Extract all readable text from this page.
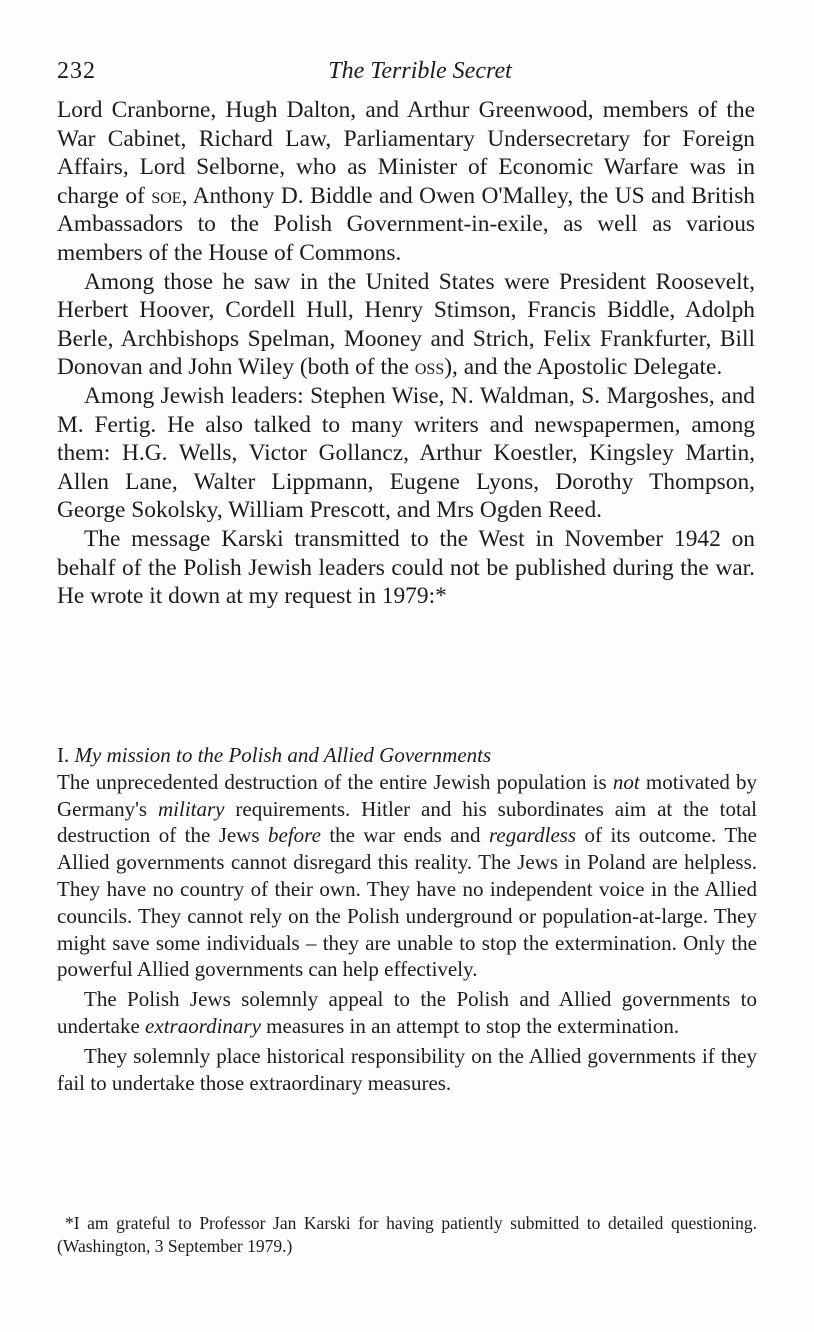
232	The Terrible Secret

Lord Cranborne, Hugh Dalton, and Arthur Greenwood, members of the War Cabinet, Richard Law, Parliamentary Undersecretary for Foreign Affairs, Lord Selborne, who as Minister of Economic Warfare was in charge of soe, Anthony D. Biddle and Owen O'Malley, the US and British Ambassadors to the Polish Government-in-exile, as well as various members of the House of Commons.

Among those he saw in the United States were President Roosevelt, Herbert Hoover, Cordell Hull, Henry Stimson, Francis Biddle, Adolph Berle, Archbishops Spelman, Mooney and Strich, Felix Frankfurter, Bill Donovan and John Wiley (both of the oss), and the Apostolic Delegate.

Among Jewish leaders: Stephen Wise, N. Waldman, S. Margoshes, and M. Fertig. He also talked to many writers and newspapermen, among them: H.G. Wells, Victor Gollancz, Arthur Koestler, Kingsley Martin, Allen Lane, Walter Lippmann, Eugene Lyons, Dorothy Thompson, George Sokolsky, William Prescott, and Mrs Ogden Reed.

The message Karski transmitted to the West in November 1942 on behalf of the Polish Jewish leaders could not be published during the war. He wrote it down at my request in 1979:*

I. My mission to the Polish and Allied Governments

The unprecedented destruction of the entire Jewish population is not motivated by Germany's military requirements. Hitler and his subordinates aim at the total destruction of the Jews before the war ends and regardless of its outcome. The Allied governments cannot disregard this reality. The Jews in Poland are helpless. They have no country of their own. They have no independent voice in the Allied councils. They cannot rely on the Polish underground or population-at-large. They might save some individuals – they are unable to stop the extermination. Only the powerful Allied governments can help effectively.

The Polish Jews solemnly appeal to the Polish and Allied governments to undertake extraordinary measures in an attempt to stop the extermination.

They solemnly place historical responsibility on the Allied governments if they fail to undertake those extraordinary measures.

*I am grateful to Professor Jan Karski for having patiently submitted to detailed questioning. (Washington, 3 September 1979.)
